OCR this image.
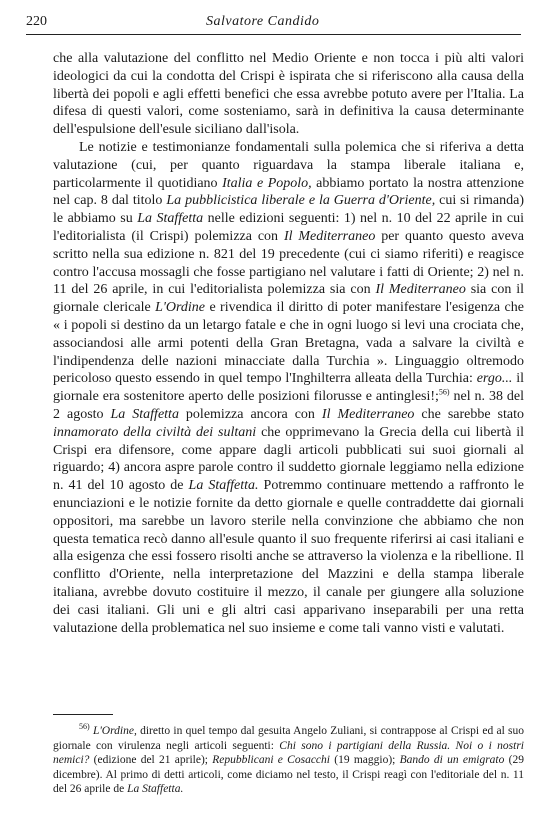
220	Salvatore Candido

che alla valutazione del conflitto nel Medio Oriente e non tocca i più alti valori ideologici da cui la condotta del Crispi è ispirata che si riferiscono alla causa della libertà dei popoli e agli effetti benefici che essa avrebbe potuto avere per l'Italia. La difesa di questi valori, come sosteniamo, sarà in definitiva la causa determinante dell'espulsione dell'esule siciliano dall'isola.

Le notizie e testimonianze fondamentali sulla polemica che si riferiva a detta valutazione (cui, per quanto riguardava la stampa liberale italiana e, particolarmente il quotidiano Italia e Popolo, abbiamo portato la nostra attenzione nel cap. 8 dal titolo La pubblicistica liberale e la Guerra d'Oriente, cui si rimanda) le abbiamo su La Staffetta nelle edizioni seguenti: 1) nel n. 10 del 22 aprile in cui l'editorialista (il Crispi) polemizza con Il Mediterraneo per quanto questo aveva scritto nella sua edizione n. 821 del 19 precedente (cui ci siamo riferiti) e reagisce contro l'accusa mossagli che fosse partigiano nel valutare i fatti di Oriente; 2) nel n. 11 del 26 aprile, in cui l'editorialista polemizza sia con Il Mediterraneo sia con il giornale clericale L'Ordine e rivendica il diritto di poter manifestare l'esigenza che « i popoli si destino da un letargo fatale e che in ogni luogo si levi una crociata che, associandosi alle armi potenti della Gran Bretagna, vada a salvare la civiltà e l'indipendenza delle nazioni minacciate dalla Turchia ». Linguaggio oltremodo pericoloso questo essendo in quel tempo l'Inghilterra alleata della Turchia: ergo... il giornale era sostenitore aperto delle posizioni filorusse e antinglesi!;$^{56)}$ nel n. 38 del 2 agosto La Staffetta polemizza ancora con Il Mediterraneo che sarebbe stato innamorato della civiltà dei sultani che opprimevano la Grecia della cui libertà il Crispi era difensore, come appare dagli articoli pubblicati sui suoi giornali al riguardo; 4) ancora aspre parole contro il suddetto giornale leggiamo nella edizione n. 41 del 10 agosto de La Staffetta. Potremmo continuare mettendo a raffronto le enunciazioni e le notizie fornite da detto giornale e quelle contraddette dai giornali oppositori, ma sarebbe un lavoro sterile nella convinzione che abbiamo che non questa tematica recò danno all'esule quanto il suo frequente riferirsi ai casi italiani e alla esigenza che essi fossero risolti anche se attraverso la violenza e la ribellione. Il conflitto d'Oriente, nella interpretazione del Mazzini e della stampa liberale italiana, avrebbe dovuto costituire il mezzo, il canale per giungere alla soluzione dei casi italiani. Gli uni e gli altri casi apparivano inseparabili per una retta valutazione della problematica nel suo insieme e come tali vanno visti e valutati.

$^{56)}$ L'Ordine, diretto in quel tempo dal gesuita Angelo Zuliani, si contrappose al Crispi ed al suo giornale con virulenza negli articoli seguenti: Chi sono i partigiani della Russia. Noi o i nostri nemici? (edizione del 21 aprile); Repubblicani e Cosacchi (19 maggio); Bando di un emigrato (29 dicembre). Al primo di detti articoli, come diciamo nel testo, il Crispi reagì con l'editoriale del n. 11 del 26 aprile de La Staffetta.
